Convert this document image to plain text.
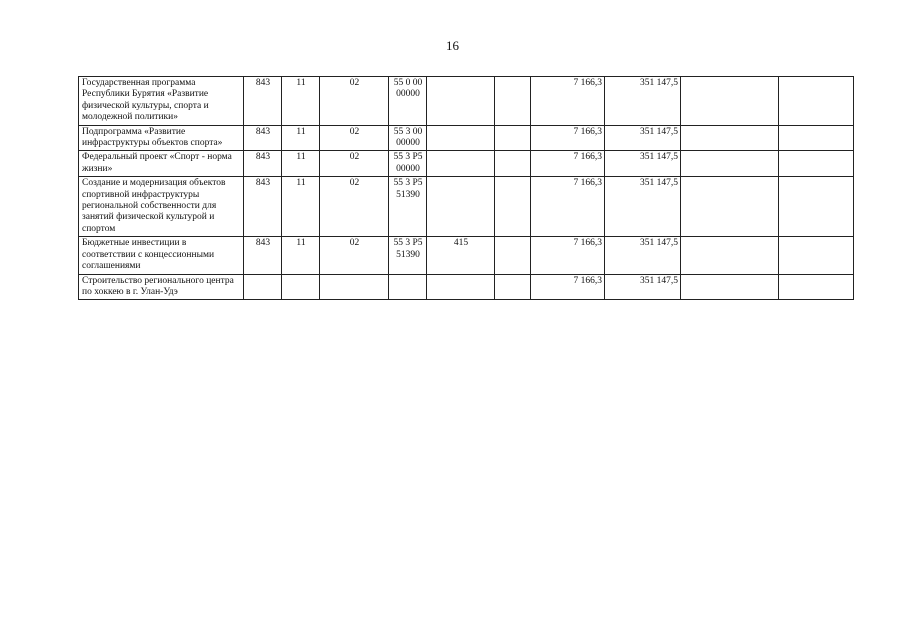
16
Государственная программа Республики Бурятия «Развитие физической культуры, спорта и молодежной политики»	843	11	02	55 0 00 00000			7 166,3	351 147,5		
Подпрограмма «Развитие инфраструктуры объектов спорта»	843	11	02	55 3 00 00000			7 166,3	351 147,5		
Федеральный проект «Спорт - норма жизни»	843	11	02	55 3 P5 00000			7 166,3	351 147,5		
Создание и модернизация объектов спортивной инфраструктуры региональной собственности для занятий физической культурой и спортом	843	11	02	55 3 P5 51390			7 166,3	351 147,5		
Бюджетные инвестиции в соответствии с концессионными соглашениями	843	11	02	55 3 P5 51390	415		7 166,3	351 147,5		
Строительство регионального центра по хоккею в г. Улан-Удэ							7 166,3	351 147,5		
